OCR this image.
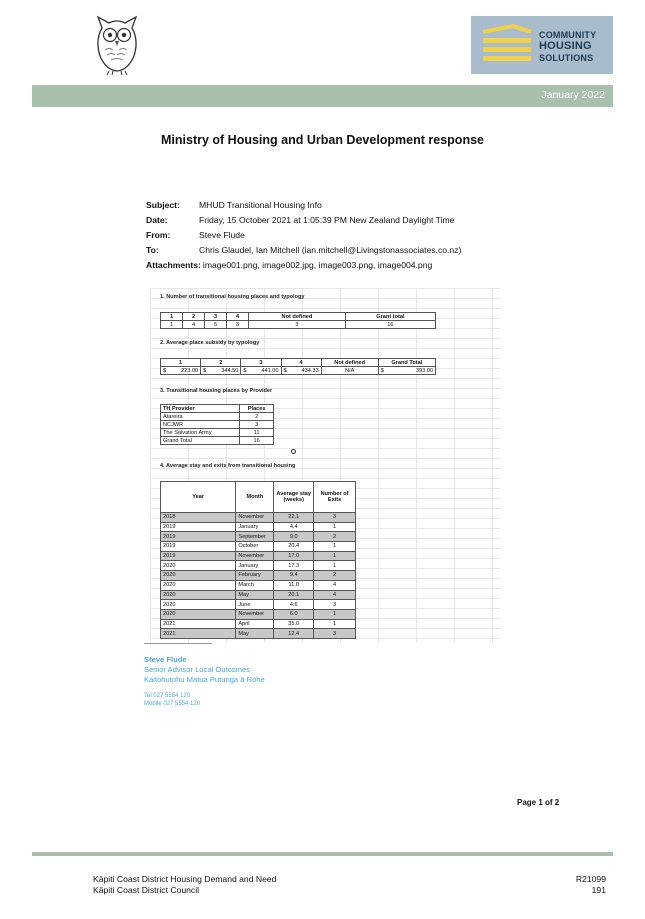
COMMUNITY
HOUSING
SOLUTIONS
January 2022
Ministry of Housing and Urban Development response
Subject:	MHUD Transitional Housing Info
Date:	Friday, 15 October 2021 at 1:05:39 PM New Zealand Daylight Time
From:	Steve Flude
To:	Chris Glaudel, Ian Mitchell (ian.mitchell@Livingstonassociates.co.nz)
Attachments: image001.png, image002.jpg, image003.png, image004.png
1. Number of transitional housing places and typology
1	2	3	4	Not defined	Grant total
1	4	5	3	3	16
2. Average place subsidy by typology
1	2	3	4	Not defined	Grand Total

$ 223.00	$ 344.50	$ 441.00	$ 434.33	N/A	$ 393.00
3. Transitional housing places by Provider
TH Provider	Places
Atareira	2
NCJWR	3
The Salvation Army	11
Grand Total	16
4. Average stay and exits from transitional housing
Year	Month	Average stay (weeks)	Number of Exits
2018	November	22.1	3
2019	January	4.4	1
2019	September	9.0	2
2019	October	20.4	1
2019	November	17.0	1
2020	January	17.3	1
2020	February	9.4	2
2020	March	11.0	4
2020	May	20.1	4
2020	June	4.6	3
2020	November	6.0	1
2021	April	35.0	1
2021	May	12.4	3
Steve Flude
Senior Advisor Local Outcomes
Kaitohutohu Matua Putunga ā Rohe
Tel 027 5554 120
Mobile 027 5554 120
Page 1 of 2
Kāpiti Coast District Housing Demand and Need
Kāpiti Coast District Council
R21099
191
